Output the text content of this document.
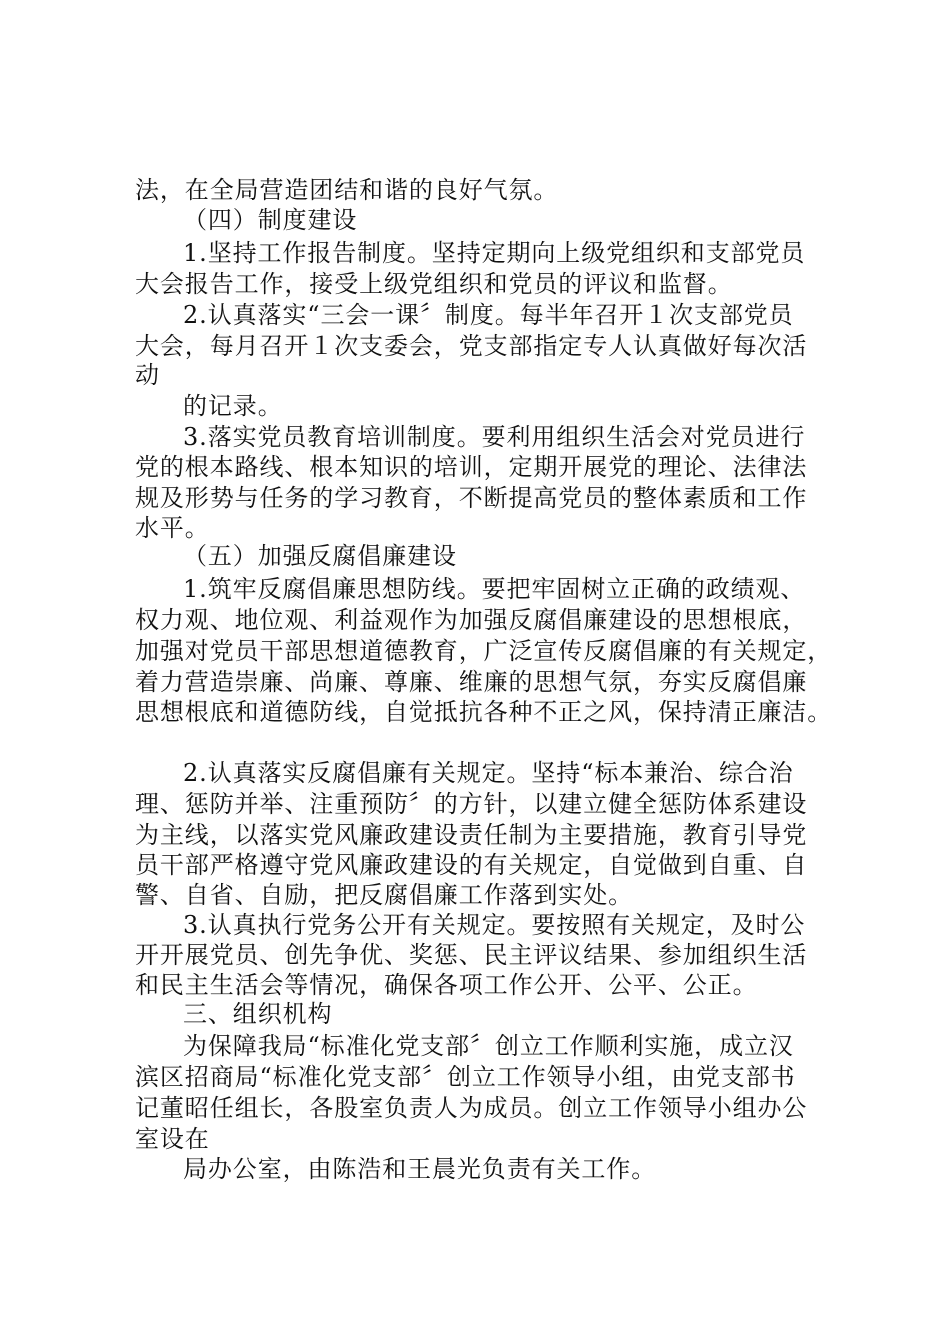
法，在全局营造团结和谐的良好气氛。
（四）制度建设
1.坚持工作报告制度。坚持定期向上级党组织和支部党员
大会报告工作，接受上级党组织和党员的评议和监督。
2.认真落实“三会一课〞制度。每半年召开１次支部党员
大会，每月召开１次支委会，党支部指定专人认真做好每次活
动
的记录。
3.落实党员教育培训制度。要利用组织生活会对党员进行
党的根本路线、根本知识的培训，定期开展党的理论、法律法
规及形势与任务的学习教育，不断提高党员的整体素质和工作
水平。
（五）加强反腐倡廉建设
1.筑牢反腐倡廉思想防线。要把牢固树立正确的政绩观、
权力观、地位观、利益观作为加强反腐倡廉建设的思想根底，
加强对党员干部思想道德教育，广泛宣传反腐倡廉的有关规定，
着力营造崇廉、尚廉、尊廉、维廉的思想气氛，夯实反腐倡廉
思想根底和道德防线，自觉抵抗各种不正之风，保持清正廉洁。
2.认真落实反腐倡廉有关规定。坚持“标本兼治、综合治
理、惩防并举、注重预防〞的方针，以建立健全惩防体系建设
为主线，以落实党风廉政建设责任制为主要措施，教育引导党
员干部严格遵守党风廉政建设的有关规定，自觉做到自重、自
警、自省、自励，把反腐倡廉工作落到实处。
3.认真执行党务公开有关规定。要按照有关规定，及时公
开开展党员、创先争优、奖惩、民主评议结果、参加组织生活
和民主生活会等情况，确保各项工作公开、公平、公正。
三、组织机构
为保障我局“标准化党支部〞创立工作顺利实施，成立汉
滨区招商局“标准化党支部〞创立工作领导小组，由党支部书
记董昭任组长，各股室负责人为成员。创立工作领导小组办公
室设在
局办公室，由陈浩和王晨光负责有关工作。
